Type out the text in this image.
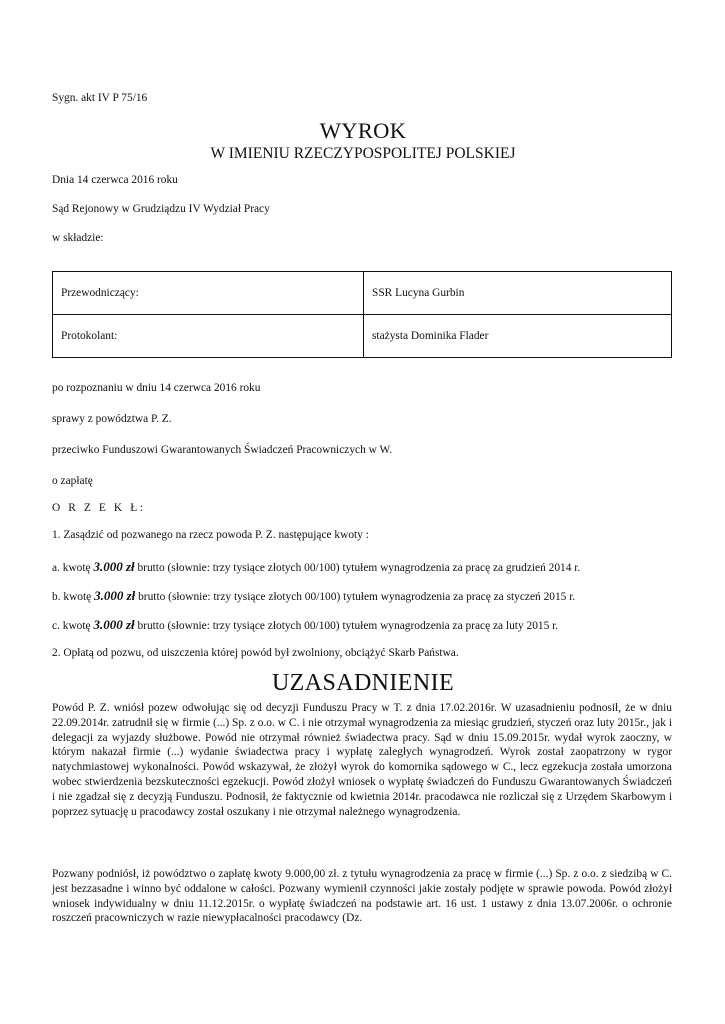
Sygn. akt IV P 75/16
WYROK
W IMIENIU RZECZYPOSPOLITEJ POLSKIEJ
Dnia 14 czerwca 2016 roku
Sąd Rejonowy w Grudziądzu IV Wydział Pracy
w składzie:
Przewodniczący:	SSR Lucyna Gurbin
Protokolant:	stażysta Dominika Flader
po rozpoznaniu w dniu 14 czerwca 2016 roku
sprawy z powództwa P. Z.
przeciwko Funduszowi Gwarantowanych Świadczeń Pracowniczych w W.
o zapłatę
O R Z E K Ł:
1. Zasądzić od pozwanego na rzecz powoda P. Z. następujące kwoty :
a. kwotę 3.000 zł brutto (słownie: trzy tysiące złotych 00/100) tytułem wynagrodzenia za pracę za grudzień 2014 r.
b. kwotę 3.000 zł brutto (słownie: trzy tysiące złotych 00/100) tytułem wynagrodzenia za pracę za styczeń 2015 r.
c. kwotę 3.000 zł brutto (słownie: trzy tysiące złotych 00/100) tytułem wynagrodzenia za pracę za luty 2015 r.
2. Opłatą od pozwu, od uiszczenia której powód był zwolniony, obciążyć Skarb Państwa.
UZASADNIENIE
Powód P. Z. wniósł pozew odwołując się od decyzji Funduszu Pracy w T. z dnia 17.02.2016r. W uzasadnieniu podnosił, że w dniu 22.09.2014r. zatrudnił się w firmie (...) Sp. z o.o. w C. i nie otrzymał wynagrodzenia za miesiąc grudzień, styczeń oraz luty 2015r., jak i delegacji za wyjazdy służbowe. Powód nie otrzymał również świadectwa pracy. Sąd w dniu 15.09.2015r. wydał wyrok zaoczny, w którym nakazał firmie (...) wydanie świadectwa pracy i wypłatę zaległych wynagrodzeń. Wyrok został zaopatrzony w rygor natychmiastowej wykonalności. Powód wskazywał, że złożył wyrok do komornika sądowego w C., lecz egzekucja została umorzona wobec stwierdzenia bezskuteczności egzekucji. Powód złożył wniosek o wypłatę świadczeń do Funduszu Gwarantowanych Świadczeń i nie zgadzał się z decyzją Funduszu. Podnosił, że faktycznie od kwietnia 2014r. pracodawca nie rozliczał się z Urzędem Skarbowym i poprzez sytuację u pracodawcy został oszukany i nie otrzymał należnego wynagrodzenia.
Pozwany podniósł, iż powództwo o zapłatę kwoty 9.000,00 zł. z tytułu wynagrodzenia za pracę w firmie (...) Sp. z o.o. z siedzibą w C. jest bezzasadne i winno być oddalone w całości. Pozwany wymienił czynności jakie zostały podjęte w sprawie powoda. Powód złożył wniosek indywidualny w dniu 11.12.2015r. o wypłatę świadczeń na podstawie art. 16 ust. 1 ustawy z dnia 13.07.2006r. o ochronie roszczeń pracowniczych w razie niewypłacalności pracodawcy (Dz.
